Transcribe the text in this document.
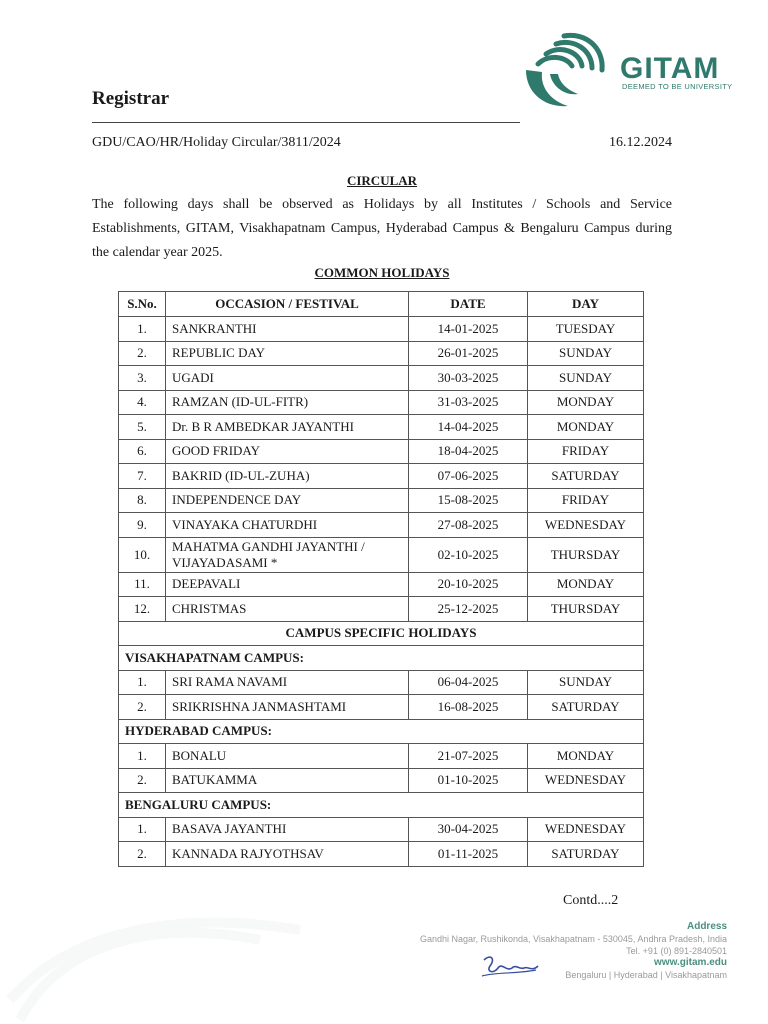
GITAM
DEEMED TO BE UNIVERSITY
Registrar
GDU/CAO/HR/Holiday Circular/3811/2024	16.12.2024
CIRCULAR
The following days shall be observed as Holidays by all Institutes / Schools and Service Establishments, GITAM, Visakhapatnam Campus, Hyderabad Campus & Bengaluru Campus during the calendar year 2025.
COMMON HOLIDAYS
S.No.	OCCASION / FESTIVAL	DATE	DAY
1.	SANKRANTHI	14-01-2025	TUESDAY
2.	REPUBLIC DAY	26-01-2025	SUNDAY
3.	UGADI	30-03-2025	SUNDAY
4.	RAMZAN (ID-UL-FITR)	31-03-2025	MONDAY
5.	Dr. B R AMBEDKAR JAYANTHI	14-04-2025	MONDAY
6.	GOOD FRIDAY	18-04-2025	FRIDAY
7.	BAKRID (ID-UL-ZUHA)	07-06-2025	SATURDAY
8.	INDEPENDENCE DAY	15-08-2025	FRIDAY
9.	VINAYAKA CHATURDHI	27-08-2025	WEDNESDAY
10.	MAHATMA GANDHI JAYANTHI / VIJAYADASAMI *	02-10-2025	THURSDAY
11.	DEEPAVALI	20-10-2025	MONDAY
12.	CHRISTMAS	25-12-2025	THURSDAY
CAMPUS SPECIFIC HOLIDAYS			
VISAKHAPATNAM CAMPUS:			
1.	SRI RAMA NAVAMI	06-04-2025	SUNDAY
2.	SRIKRISHNA JANMASHTAMI	16-08-2025	SATURDAY
HYDERABAD CAMPUS:			
1.	BONALU	21-07-2025	MONDAY
2.	BATUKAMMA	01-10-2025	WEDNESDAY
BENGALURU CAMPUS:			
1.	BASAVA JAYANTHI	30-04-2025	WEDNESDAY
2.	KANNADA RAJYOTHSAV	01-11-2025	SATURDAY
Contd....2
Address
Gandhi Nagar, Rushikonda, Visakhapatnam - 530045, Andhra Pradesh, India
Tel. +91 (0) 891-2840501
www.gitam.edu
Bengaluru | Hyderabad | Visakhapatnam
